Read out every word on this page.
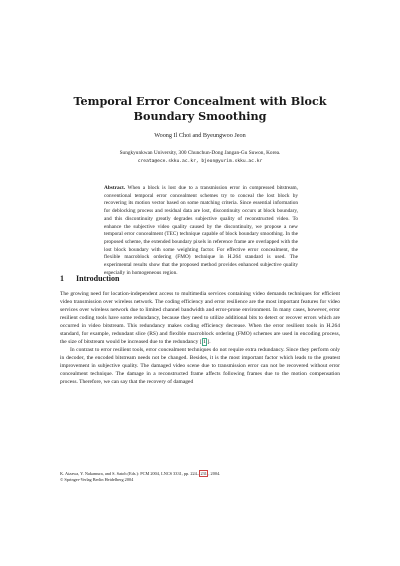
Temporal Error Concealment with Block Boundary Smoothing
Woong Il Choi and Byeungwoo Jeon
Sungkyunkwan University, 300 Chunchun-Dong Jangan-Gu Suwon, Korea.
creata@ece.skku.ac.kr, bjeon@yurim.skku.ac.kr
Abstract. When a block is lost due to a transmission error in compressed bitstream, conventional temporal error concealment schemes try to conceal the lost block by recovering its motion vector based on some matching criteria. Since essential information for deblocking process and residual data are lost, discontinuity occurs at block boundary, and this discontinuity greatly degrades subjective quality of reconstructed video. To enhance the subjective video quality caused by the discontinuity, we propose a new temporal error concealment (TEC) technique capable of block boundary smoothing. In the proposed scheme, the extended boundary pixels in reference frame are overlapped with the lost block boundary with some weighting factor. For effective error concealment, the flexible macroblock ordering (FMO) technique in H.264 standard is used. The experimental results show that the proposed method provides enhanced subjective quality especially in homogeneous region.
1 Introduction

The growing need for location-independent access to multimedia services containing video demands techniques for efficient video transmission over wireless network. The coding efficiency and error resilience are the most important features for video services over wireless network due to limited channel bandwidth and error-prone environment. In many cases, however, error resilient coding tools have some redundancy, because they need to utilize additional bits to detect or recover errors which are occurred in video bitstream. This redundancy makes coding efficiency decrease. When the error resilient tools in H.264 standard, for example, redundant slice (RS) and flexible macroblock ordering (FMO) schemes are used in encoding process, the size of bitstream would be increased due to the redundancy [ 1 ].

In contrast to error resilient tools, error concealment techniques do not require extra redundancy. Since they perform only in decoder, the encoded bitstream needs not be changed. Besides, it is the most important factor which leads to the greatest improvement in subjective quality. The damaged video scene due to transmission error can not be recovered without error concealment technique. The damage in a reconstructed frame affects following frames due to the motion compensation process. Therefore, we can say that the recovery of damaged

K. Aizawa, Y. Nakamura, and S. Satoh (Eds.): PCM 2004, LNCS 3331, pp. 224– 231 , 2004.
© Springer-Verlag Berlin Heidelberg 2004
